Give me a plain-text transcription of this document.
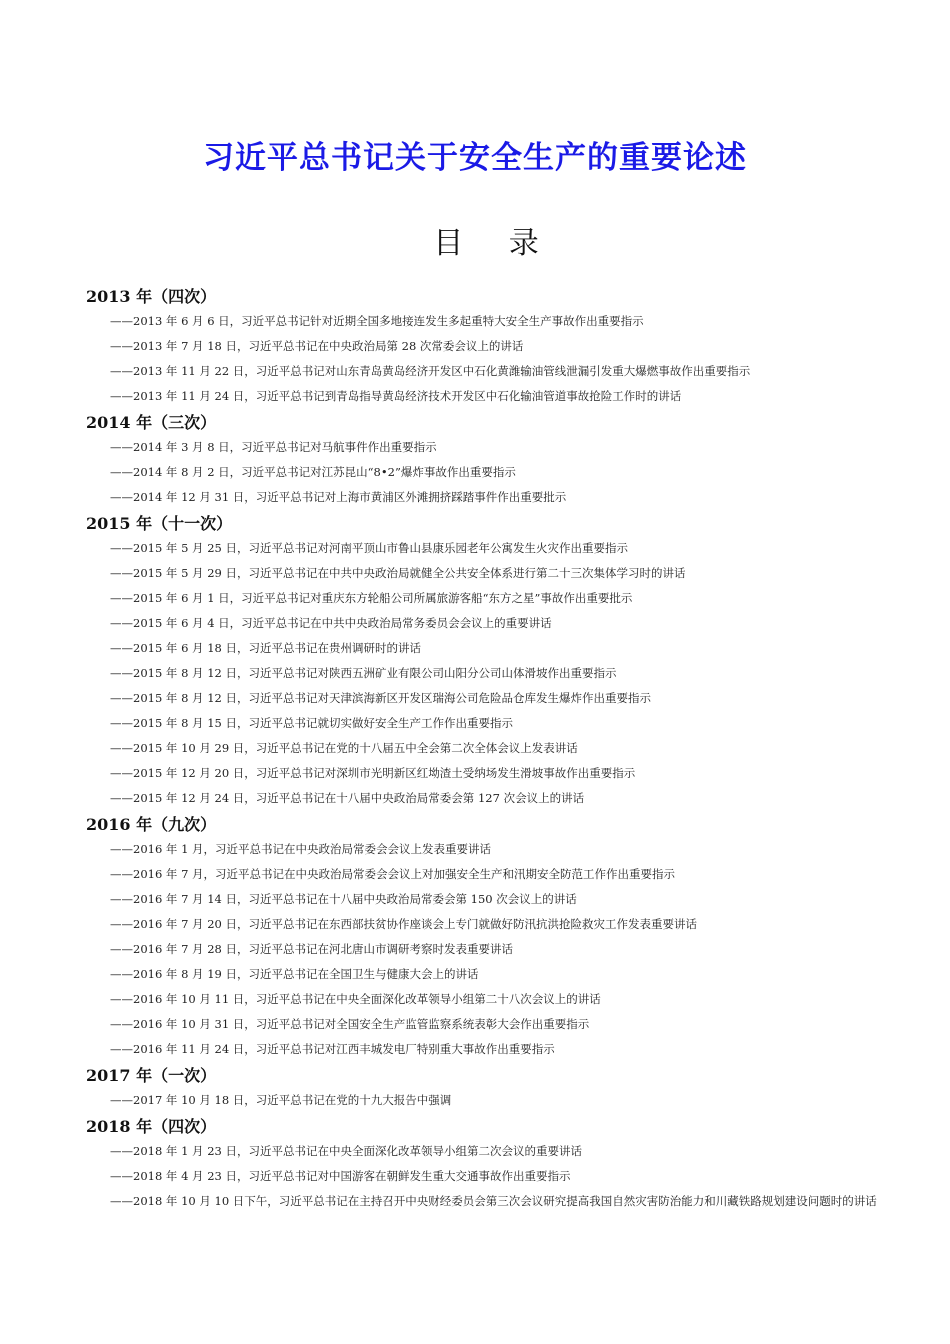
习近平总书记关于安全生产的重要论述
目 录
2013 年（四次）
——2013 年 6 月 6 日，习近平总书记针对近期全国多地接连发生多起重特大安全生产事故作出重要指示
——2013 年 7 月 18 日，习近平总书记在中央政治局第 28 次常委会议上的讲话
——2013 年 11 月 22 日，习近平总书记对山东青岛黄岛经济开发区中石化黄潍输油管线泄漏引发重大爆燃事故作出重要指示
——2013 年 11 月 24 日，习近平总书记到青岛指导黄岛经济技术开发区中石化输油管道事故抢险工作时的讲话
2014 年（三次）
——2014 年 3 月 8 日，习近平总书记对马航事件作出重要指示
——2014 年 8 月 2 日，习近平总书记对江苏昆山“8•2”爆炸事故作出重要指示
——2014 年 12 月 31 日，习近平总书记对上海市黄浦区外滩拥挤踩踏事件作出重要批示
2015 年（十一次）
——2015 年 5 月 25 日，习近平总书记对河南平顶山市鲁山县康乐园老年公寓发生火灾作出重要指示
——2015 年 5 月 29 日，习近平总书记在中共中央政治局就健全公共安全体系进行第二十三次集体学习时的讲话
——2015 年 6 月 1 日，习近平总书记对重庆东方轮船公司所属旅游客船“东方之星”事故作出重要批示
——2015 年 6 月 4 日，习近平总书记在中共中央政治局常务委员会会议上的重要讲话
——2015 年 6 月 18 日，习近平总书记在贵州调研时的讲话
——2015 年 8 月 12 日，习近平总书记对陕西五洲矿业有限公司山阳分公司山体滑坡作出重要指示
——2015 年 8 月 12 日，习近平总书记对天津滨海新区开发区瑞海公司危险品仓库发生爆炸作出重要指示
——2015 年 8 月 15 日，习近平总书记就切实做好安全生产工作作出重要指示
——2015 年 10 月 29 日，习近平总书记在党的十八届五中全会第二次全体会议上发表讲话
——2015 年 12 月 20 日，习近平总书记对深圳市光明新区红坳渣土受纳场发生滑坡事故作出重要指示
——2015 年 12 月 24 日，习近平总书记在十八届中央政治局常委会第 127 次会议上的讲话
2016 年（九次）
——2016 年 1 月，习近平总书记在中央政治局常委会会议上发表重要讲话
——2016 年 7 月，习近平总书记在中央政治局常委会会议上对加强安全生产和汛期安全防范工作作出重要指示
——2016 年 7 月 14 日，习近平总书记在十八届中央政治局常委会第 150 次会议上的讲话
——2016 年 7 月 20 日，习近平总书记在东西部扶贫协作座谈会上专门就做好防汛抗洪抢险救灾工作发表重要讲话
——2016 年 7 月 28 日，习近平总书记在河北唐山市调研考察时发表重要讲话
——2016 年 8 月 19 日，习近平总书记在全国卫生与健康大会上的讲话
——2016 年 10 月 11 日，习近平总书记在中央全面深化改革领导小组第二十八次会议上的讲话
——2016 年 10 月 31 日，习近平总书记对全国安全生产监管监察系统表彰大会作出重要指示
——2016 年 11 月 24 日，习近平总书记对江西丰城发电厂特别重大事故作出重要指示
2017 年（一次）
——2017 年 10 月 18 日，习近平总书记在党的十九大报告中强调
2018 年（四次）
——2018 年 1 月 23 日，习近平总书记在中央全面深化改革领导小组第二次会议的重要讲话
——2018 年 4 月 23 日，习近平总书记对中国游客在朝鲜发生重大交通事故作出重要指示
——2018 年 10 月 10 日下午，习近平总书记在主持召开中央财经委员会第三次会议研究提高我国自然灾害防治能力和川藏铁路规划建设问题时的讲话
